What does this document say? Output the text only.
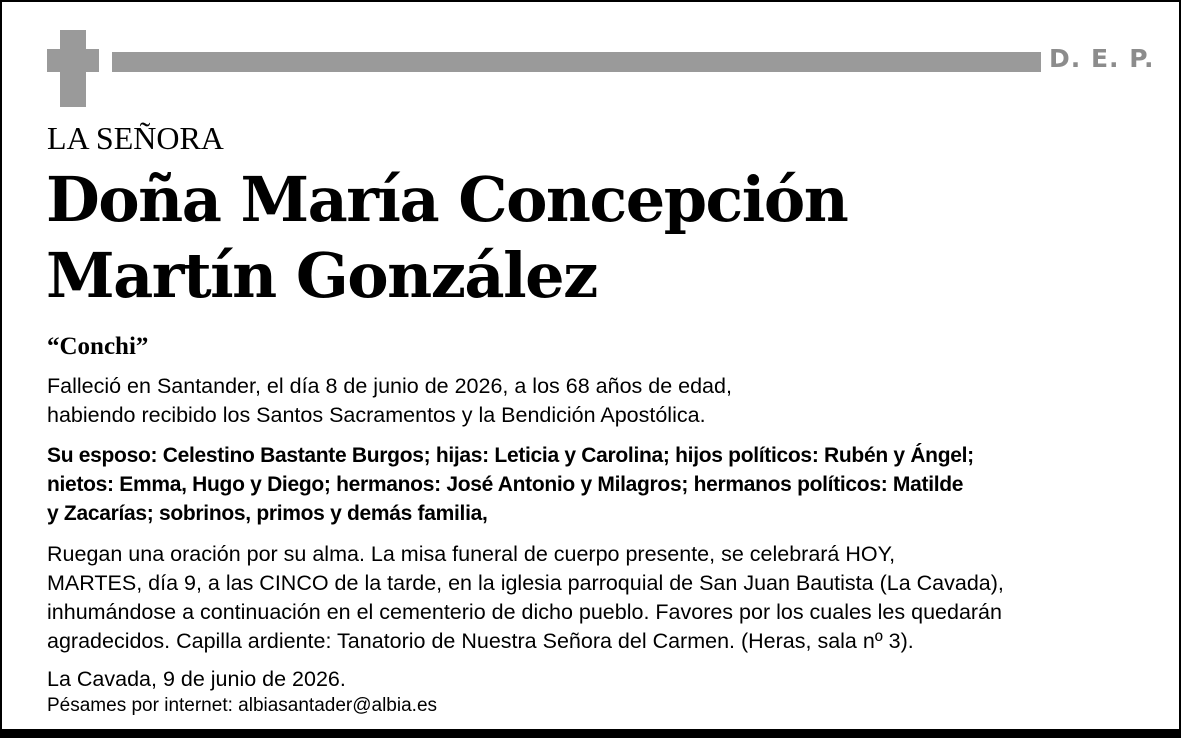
D. E. P.
LA SEÑORA
Doña María Concepción
Martín González
“Conchi”
Falleció en Santander, el día 8 de junio de 2026, a los 68 años de edad,
habiendo recibido los Santos Sacramentos y la Bendición Apostólica.
Su esposo: Celestino Bastante Burgos; hijas: Leticia y Carolina; hijos políticos: Rubén y Ángel;
nietos: Emma, Hugo y Diego; hermanos: José Antonio y Milagros; hermanos políticos: Matilde
y Zacarías; sobrinos, primos y demás familia,
Ruegan una oración por su alma. La misa funeral de cuerpo presente, se celebrará HOY,
MARTES, día 9, a las CINCO de la tarde, en la iglesia parroquial de San Juan Bautista (La Cavada),
inhumándose a continuación en el cementerio de dicho pueblo. Favores por los cuales les quedarán
agradecidos. Capilla ardiente: Tanatorio de Nuestra Señora del Carmen. (Heras, sala nº 3).
La Cavada, 9 de junio de 2026.
Pésames por internet: albiasantader@albia.es
